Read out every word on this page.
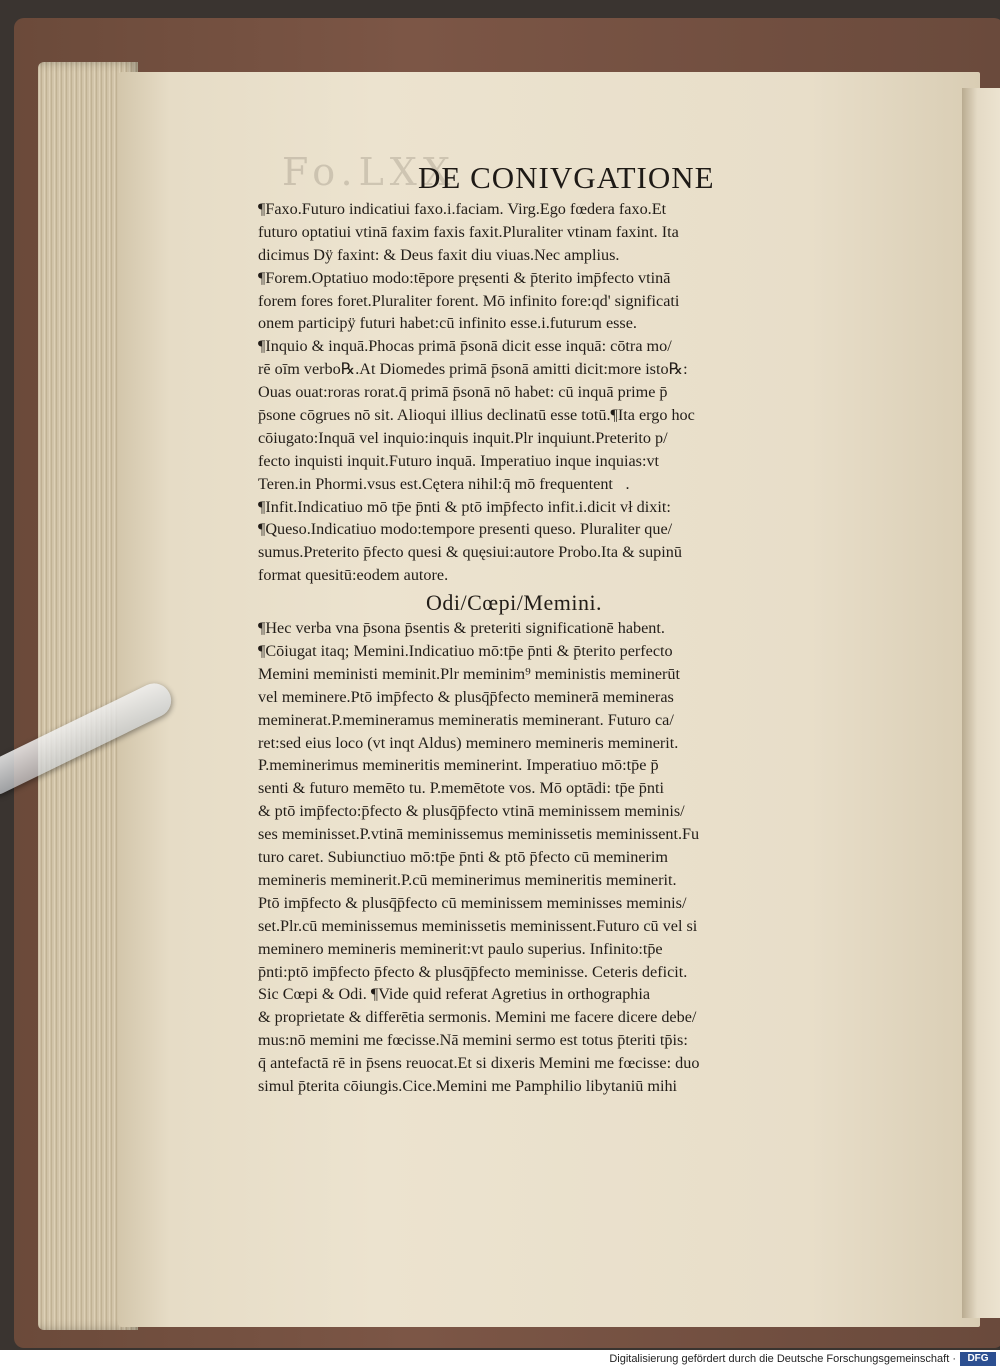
Fo.LXX
DE CONIVGATIONE
¶Faxo.Futuro indicatiui faxo.i.faciam. Virg.Ego fœdera faxo.Et
futuro optatiui vtinā faxim faxis faxit.Pluraliter vtinam faxint. Ita
dicimus Dÿ faxint: & Deus faxit diu viuas.Nec amplius.
¶Forem.Optatiuo modo:tēpore pręsenti & p̄terito imp̄fecto vtinā
forem fores foret.Pluraliter forent. Mō infinito fore:qd' significati
onem participÿ futuri habet:cū infinito esse.i.futurum esse.
¶Inquio & inquā.Phocas primā p̄sonā dicit esse inquā: cōtra mo/
rē oīm verbo℞.At Diomedes primā p̄sonā amitti dicit:more isto℞:
Ouas ouat:roras rorat.q̄ primā p̄sonā nō habet: cū inquā prime p̄
p̄sone cōgrues nō sit. Alioqui illius declinatū esse totū.¶Ita ergo hoc
cōiugato:Inquā vel inquio:inquis inquit.Plr inquiunt.Preterito p/
fecto inquisti inquit.Futuro inquā. Imperatiuo inque inquias:vt
Teren.in Phormi.vsus est.Cętera nihil:q̄ mō frequententᷣ.
¶Infit.Indicatiuo mō tp̄e p̄nti & ptō imp̄fecto infit.i.dicit vł dixit:
¶Queso.Indicatiuo modo:tempore presenti queso. Pluraliter que/
sumus.Preterito p̄fecto quesi & quęsiui:autore Probo.Ita & supinū
format quesitū:eodem autore.
Odi/Cœpi/Memini.
¶Hec verba vna p̄sona p̄sentis & preteriti significationē habent.
¶Cōiugat itaq; Memini.Indicatiuo mō:tp̄e p̄nti & p̄terito perfecto
Memini meministi meminit.Plr meminim⁹ meministis meminerūt
vel meminere.Ptō imp̄fecto & plusq̄p̄fecto meminerā memineras
meminerat.P.memineramus memineratis meminerant. Futuro ca/
ret:sed eius loco (vt inqt Aldus) meminero memineris meminerit.
P.meminerimus memineritis meminerint. Imperatiuo mō:tp̄e p̄
senti & futuro memēto tu. P.memētote vos. Mō optādi: tp̄e p̄nti
& ptō imp̄fecto:p̄fecto & plusq̄p̄fecto vtinā meminissem meminis/
ses meminisset.P.vtinā meminissemus meminissetis meminissent.Fu
turo caret. Subiunctiuo mō:tp̄e p̄nti & ptō p̄fecto cū meminerim
memineris meminerit.P.cū meminerimus memineritis meminerit.
Ptō imp̄fecto & plusq̄p̄fecto cū meminissem meminisses meminis/
set.Plr.cū meminissemus meminissetis meminissent.Futuro cū vel si
meminero memineris meminerit:vt paulo superius. Infinito:tp̄e
p̄nti:ptō imp̄fecto p̄fecto & plusq̄p̄fecto meminisse. Ceteris deficit.
Sic Cœpi & Odi. ¶Vide quid referat Agretius in orthographia
& proprietate & differētia sermonis. Memini me facere dicere debe/
mus:nō memini me fœcisse.Nā memini sermo est totus p̄teriti tp̄is:
q̄ antefactā rē in p̄sens reuocat.Et si dixeris Memini me fœcisse: duo
simul p̄terita cōiungis.Cice.Memini me Pamphilio libytaniū mihi
Digitalisierung gefördert durch die Deutsche Forschungsgemeinschaft ·	DFG
